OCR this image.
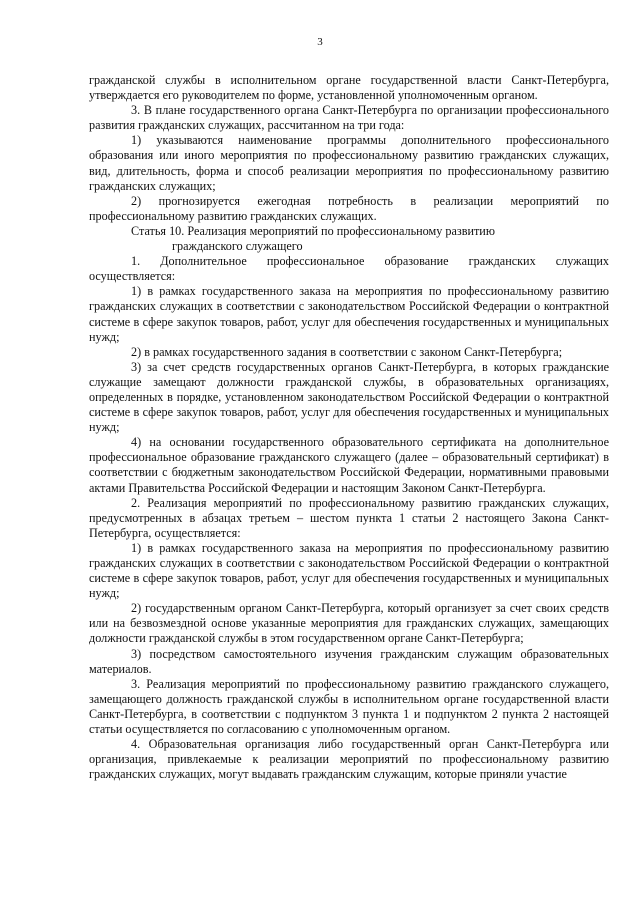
3

гражданской службы в исполнительном органе государственной власти Санкт-Петербурга, утверждается его руководителем по форме, установленной уполномоченным органом.

3. В плане государственного органа Санкт-Петербурга по организации профессионального развития гражданских служащих, рассчитанном на три года:

1) указываются наименование программы дополнительного профессионального образования или иного мероприятия по профессиональному развитию гражданских служащих, вид, длительность, форма и способ реализации мероприятия по профессиональному развитию гражданских служащих;

2) прогнозируется ежегодная потребность в реализации мероприятий по профессиональному развитию гражданских служащих.

Статья 10. Реализация мероприятий по профессиональному развитию
гражданского служащего

1. Дополнительное профессиональное образование гражданских служащих осуществляется:

1) в рамках государственного заказа на мероприятия по профессиональному развитию гражданских служащих в соответствии с законодательством Российской Федерации о контрактной системе в сфере закупок товаров, работ, услуг для обеспечения государственных и муниципальных нужд;

2) в рамках государственного задания в соответствии с законом Санкт-Петербурга;

3) за счет средств государственных органов Санкт-Петербурга, в которых гражданские служащие замещают должности гражданской службы, в образовательных организациях, определенных в порядке, установленном законодательством Российской Федерации о контрактной системе в сфере закупок товаров, работ, услуг для обеспечения государственных и муниципальных нужд;

4) на основании государственного образовательного сертификата на дополнительное профессиональное образование гражданского служащего (далее – образовательный сертификат) в соответствии с бюджетным законодательством Российской Федерации, нормативными правовыми актами Правительства Российской Федерации и настоящим Законом Санкт-Петербурга.

2. Реализация мероприятий по профессиональному развитию гражданских служащих, предусмотренных в абзацах третьем – шестом пункта 1 статьи 2 настоящего Закона Санкт-Петербурга, осуществляется:

1) в рамках государственного заказа на мероприятия по профессиональному развитию гражданских служащих в соответствии с законодательством Российской Федерации о контрактной системе в сфере закупок товаров, работ, услуг для обеспечения государственных и муниципальных нужд;

2) государственным органом Санкт-Петербурга, который организует за счет своих средств или на безвозмездной основе указанные мероприятия для гражданских служащих, замещающих должности гражданской службы в этом государственном органе Санкт-Петербурга;

3) посредством самостоятельного изучения гражданским служащим образовательных материалов.

3. Реализация мероприятий по профессиональному развитию гражданского служащего, замещающего должность гражданской службы в исполнительном органе государственной власти Санкт-Петербурга, в соответствии с подпунктом 3 пункта 1 и подпунктом 2 пункта 2 настоящей статьи осуществляется по согласованию с уполномоченным органом.

4. Образовательная организация либо государственный орган Санкт-Петербурга или организация, привлекаемые к реализации мероприятий по профессиональному развитию гражданских служащих, могут выдавать гражданским служащим, которые приняли участие
